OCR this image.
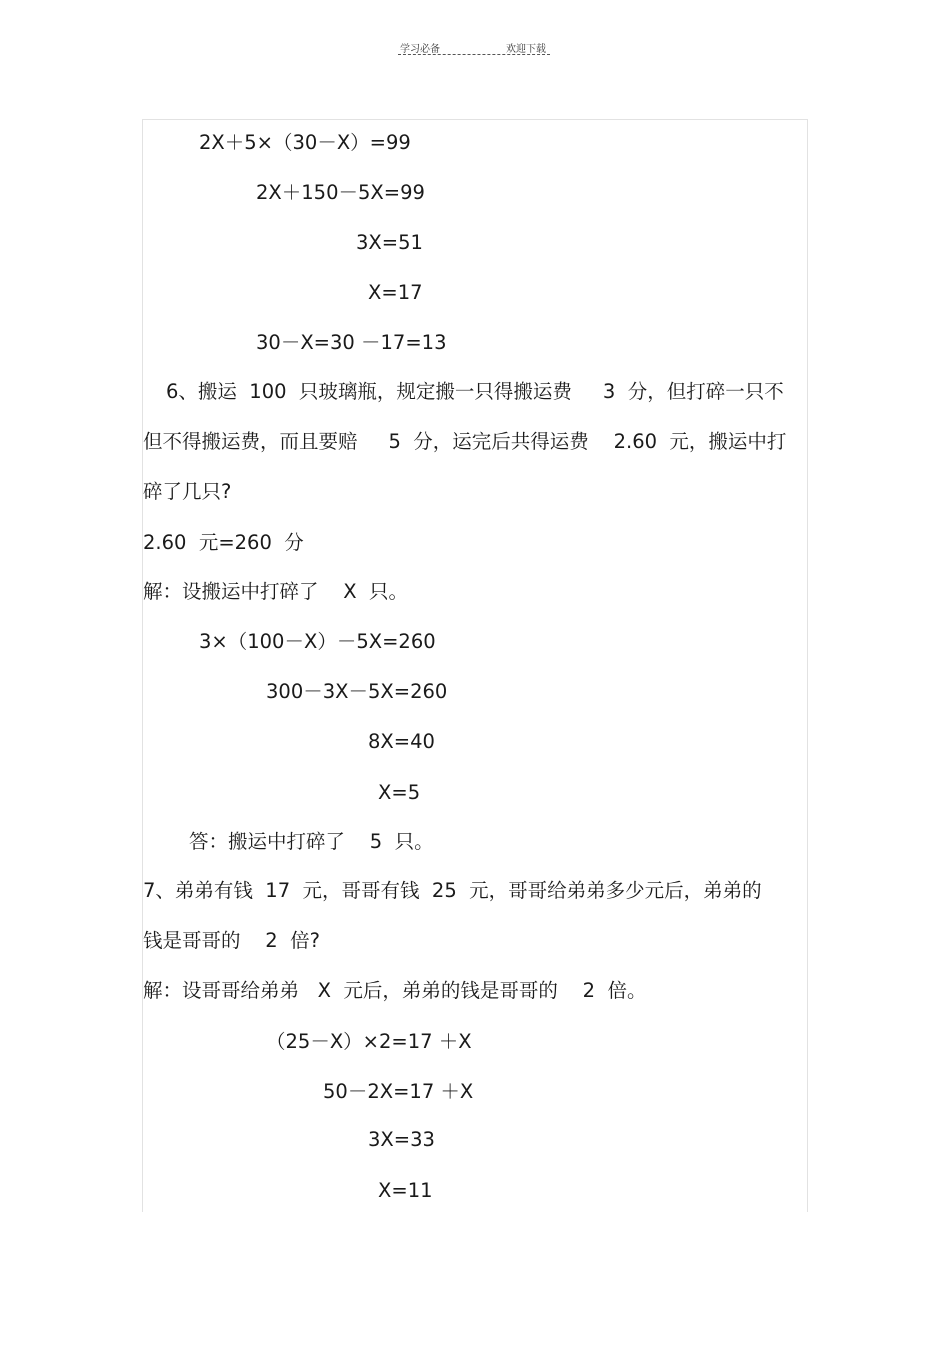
学习必备	欢迎下载
2X＋5×（30－X）=99
2X＋150－5X=99
3X=51
X=17
30－X=30 －17=13
6、搬运  100  只玻璃瓶，规定搬一只得搬运费     3  分，但打碎一只不
但不得搬运费，而且要赔     5  分，运完后共得运费    2.60  元，搬运中打
碎了几只?
2.60  元=260  分
解：设搬运中打碎了    X  只。
3×（100－X）－5X=260
300－3X－5X=260
8X=40
X=5
答：搬运中打碎了    5  只。
7、弟弟有钱  17  元，哥哥有钱  25  元，哥哥给弟弟多少元后，弟弟的
钱是哥哥的    2  倍?
解：设哥哥给弟弟   X  元后，弟弟的钱是哥哥的    2  倍。
（25－X）×2=17 ＋X
50－2X=17 ＋X
3X=33
X=11
